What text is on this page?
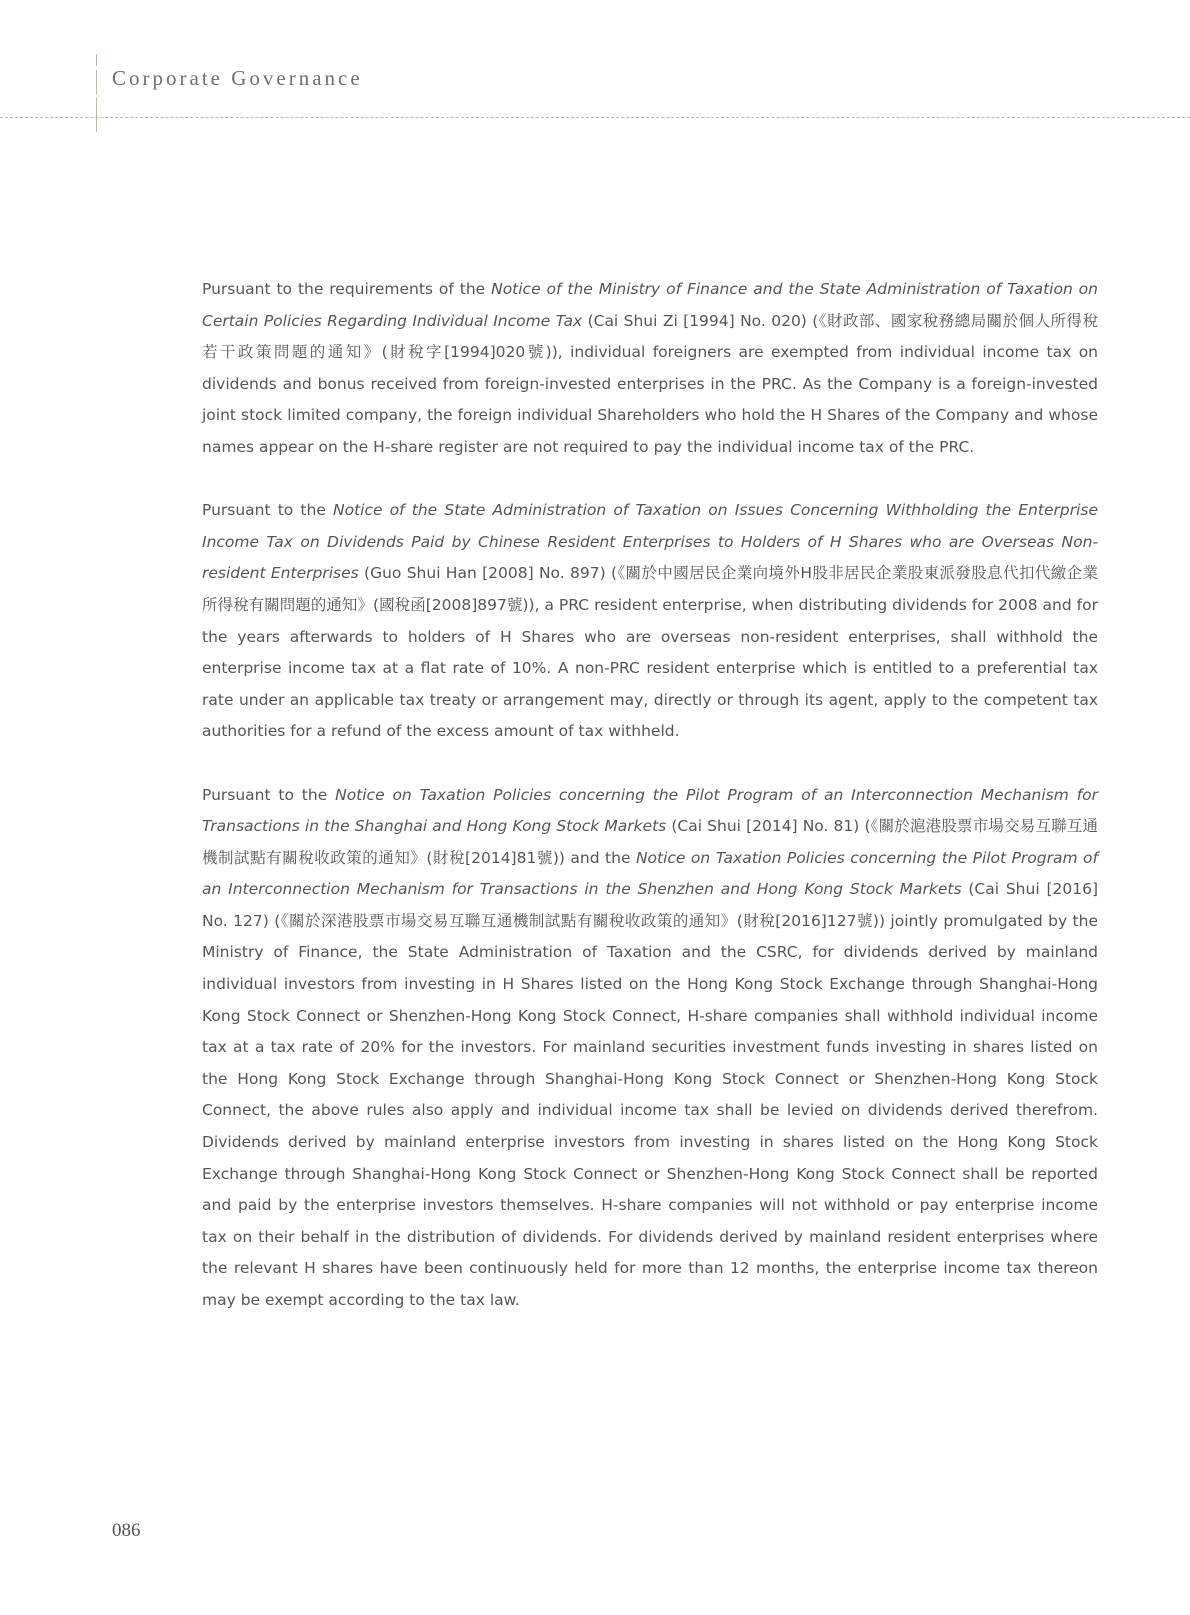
Corporate Governance

Pursuant to the requirements of the Notice of the Ministry of Finance and the State Administration of Taxation on Certain Policies Regarding Individual Income Tax (Cai Shui Zi [1994] No. 020) (《財政部、國家稅務總局關於個人所得稅若干政策問題的通知》(財稅字[1994]020號)), individual foreigners are exempted from individual income tax on dividends and bonus received from foreign-invested enterprises in the PRC. As the Company is a foreign-invested joint stock limited company, the foreign individual Shareholders who hold the H Shares of the Company and whose names appear on the H-share register are not required to pay the individual income tax of the PRC.

Pursuant to the Notice of the State Administration of Taxation on Issues Concerning Withholding the Enterprise Income Tax on Dividends Paid by Chinese Resident Enterprises to Holders of H Shares who are Overseas Non-resident Enterprises (Guo Shui Han [2008] No. 897) (《關於中國居民企業向境外H股非居民企業股東派發股息代扣代繳企業所得稅有關問題的通知》(國稅函[2008]897號)), a PRC resident enterprise, when distributing dividends for 2008 and for the years afterwards to holders of H Shares who are overseas non-resident enterprises, shall withhold the enterprise income tax at a flat rate of 10%. A non-PRC resident enterprise which is entitled to a preferential tax rate under an applicable tax treaty or arrangement may, directly or through its agent, apply to the competent tax authorities for a refund of the excess amount of tax withheld.

Pursuant to the Notice on Taxation Policies concerning the Pilot Program of an Interconnection Mechanism for Transactions in the Shanghai and Hong Kong Stock Markets (Cai Shui [2014] No. 81) (《關於滬港股票市場交易互聯互通機制試點有關稅收政策的通知》(財稅[2014]81號)) and the Notice on Taxation Policies concerning the Pilot Program of an Interconnection Mechanism for Transactions in the Shenzhen and Hong Kong Stock Markets (Cai Shui [2016] No. 127) (《關於深港股票市場交易互聯互通機制試點有關稅收政策的通知》(財稅[2016]127號)) jointly promulgated by the Ministry of Finance, the State Administration of Taxation and the CSRC, for dividends derived by mainland individual investors from investing in H Shares listed on the Hong Kong Stock Exchange through Shanghai-Hong Kong Stock Connect or Shenzhen-Hong Kong Stock Connect, H-share companies shall withhold individual income tax at a tax rate of 20% for the investors. For mainland securities investment funds investing in shares listed on the Hong Kong Stock Exchange through Shanghai-Hong Kong Stock Connect or Shenzhen-Hong Kong Stock Connect, the above rules also apply and individual income tax shall be levied on dividends derived therefrom. Dividends derived by mainland enterprise investors from investing in shares listed on the Hong Kong Stock Exchange through Shanghai-Hong Kong Stock Connect or Shenzhen-Hong Kong Stock Connect shall be reported and paid by the enterprise investors themselves. H-share companies will not withhold or pay enterprise income tax on their behalf in the distribution of dividends. For dividends derived by mainland resident enterprises where the relevant H shares have been continuously held for more than 12 months, the enterprise income tax thereon may be exempt according to the tax law.

086
